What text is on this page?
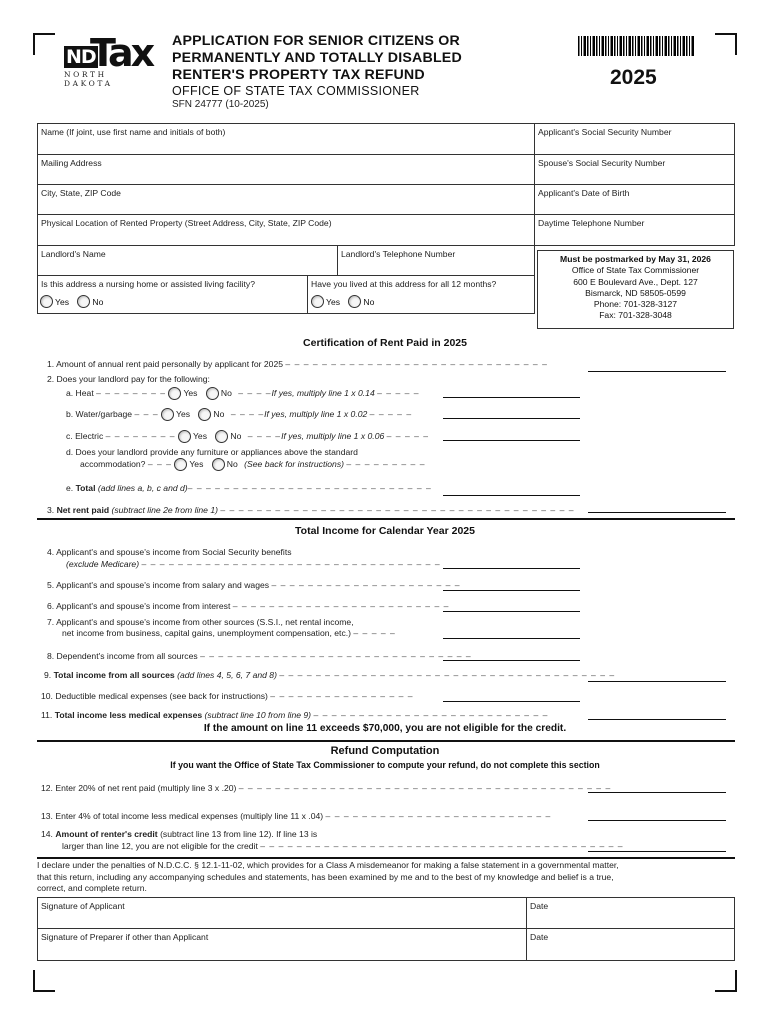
ND
Tax
NORTH DAKOTA
APPLICATION FOR SENIOR CITIZENS OR
PERMANENTLY AND TOTALLY DISABLED
RENTER'S PROPERTY TAX REFUND
OFFICE OF STATE TAX COMMISSIONER
SFN 24777 (10-2025)
2025
Name (If joint, use first name and initials of both)	Applicant's Social Security Number
Mailing Address	Spouse's Social Security Number
City, State, ZIP Code	Applicant's Date of Birth
Physical Location of Rented Property (Street Address, City, State, ZIP Code)	Daytime Telephone Number
Landlord's Name	Landlord's Telephone Number
Is this address a nursing home or assisted living facility?	Have you lived at this address for all 12 months?
Yes	No	Yes	No
Must be postmarked by May 31, 2026
Office of State Tax Commissioner
600 E Boulevard Ave., Dept. 127
Bismarck, ND 58505-0599
Phone: 701-328-3127
Fax: 701-328-3048
Certification of Rent Paid in 2025
1. Amount of annual rent paid personally by applicant for 2025 – – – – – – – – – – – – – – – – – – – – – – – – – – – – –
2. Does your landlord pay for the following:
a. Heat – – – – – – – – Yes	No – – – –If yes, multiply line 1 x 0.14 – – – – –
b. Water/garbage – – – Yes	No – – – –If yes, multiply line 1 x 0.02 – – – – –
c. Electric – – – – – – – – Yes	No – – – –If yes, multiply line 1 x 0.06 – – – – –
d. Does your landlord provide any furniture or appliances above the standard
accommodation? – – – Yes	No (See back for instructions) – – – – – – – – –
e. Total (add lines a, b, c and d)– – – – – – – – – – – – – – – – – – – – – – – – – – –
3. Net rent paid (subtract line 2e from line 1) – – – – – – – – – – – – – – – – – – – – – – – – – – – – – – – – – – – – – – –
Total Income for Calendar Year 2025
4. Applicant's and spouse's income from Social Security benefits
(exclude Medicare) – – – – – – – – – – – – – – – – – – – – – – – – – – – – – – – – –
5. Applicant's and spouse's income from salary and wages – – – – – – – – – – – – – – – – – – – – –
6. Applicant's and spouse's income from interest – – – – – – – – – – – – – – – – – – – – – – – –
7. Applicant's and spouse's income from other sources (S.S.I., net rental income,
net income from business, capital gains, unemployment compensation, etc.) – – – – –
8. Dependent's income from all sources – – – – – – – – – – – – – – – – – – – – – – – – – – – – – –
9. Total income from all sources (add lines 4, 5, 6, 7 and 8) – – – – – – – – – – – – – – – – – – – – – – – – – – – – – – – – – – – – –
10. Deductible medical expenses (see back for instructions) – – – – – – – – – – – – – – – –
11. Total income less medical expenses (subtract line 10 from line 9) – – – – – – – – – – – – – – – – – – – – – – – – – –
If the amount on line 11 exceeds $70,000, you are not eligible for the credit.
Refund Computation
If you want the Office of State Tax Commissioner to compute your refund, do not complete this section
12. Enter 20% of net rent paid (multiply line 3 x .20) – – – – – – – – – – – – – – – – – – – – – – – – – – – – – – – – – – – – – – – – –
13. Enter 4% of total income less medical expenses (multiply line 11 x .04) – – – – – – – – – – – – – – – – – – – – – – – – –
14. Amount of renter's credit (subtract line 13 from line 12). If line 13 is
larger than line 12, you are not eligible for the credit – – – – – – – – – – – – – – – – – – – – – – – – – – – – – – – – – – – – – – – –
I declare under the penalties of N.D.C.C. § 12.1-11-02, which provides for a Class A misdemeanor for making a false statement in a governmental matter,
that this return, including any accompanying schedules and statements, has been examined by me and to the best of my knowledge and belief is a true,
correct, and complete return.
Signature of Applicant	Date
Signature of Preparer if other than Applicant	Date
